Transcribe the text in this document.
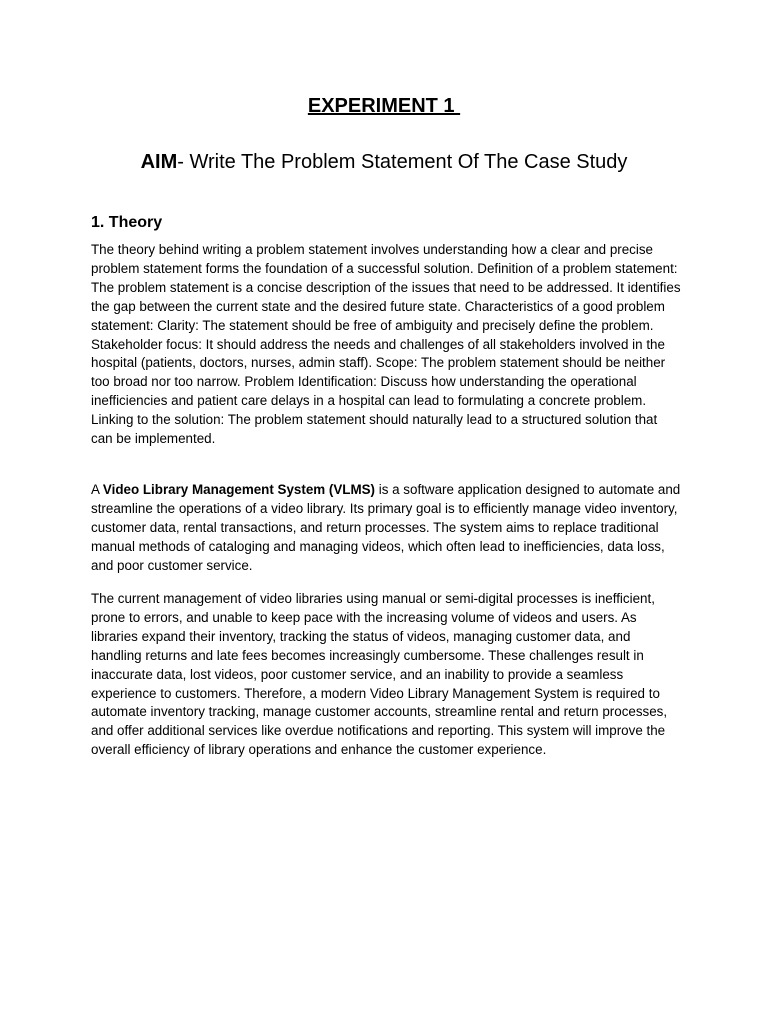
EXPERIMENT 1
AIM- Write The Problem Statement Of The Case Study
1. Theory

The theory behind writing a problem statement involves understanding how a clear and precise problem statement forms the foundation of a successful solution. Definition of a problem statement: The problem statement is a concise description of the issues that need to be addressed. It identifies the gap between the current state and the desired future state. Characteristics of a good problem statement: Clarity: The statement should be free of ambiguity and precisely define the problem. Stakeholder focus: It should address the needs and challenges of all stakeholders involved in the hospital (patients, doctors, nurses, admin staff). Scope: The problem statement should be neither too broad nor too narrow. Problem Identification: Discuss how understanding the operational inefficiencies and patient care delays in a hospital can lead to formulating a concrete problem. Linking to the solution: The problem statement should naturally lead to a structured solution that can be implemented.

A Video Library Management System (VLMS) is a software application designed to automate and streamline the operations of a video library. Its primary goal is to efficiently manage video inventory, customer data, rental transactions, and return processes. The system aims to replace traditional manual methods of cataloging and managing videos, which often lead to inefficiencies, data loss, and poor customer service.

The current management of video libraries using manual or semi-digital processes is inefficient, prone to errors, and unable to keep pace with the increasing volume of videos and users. As libraries expand their inventory, tracking the status of videos, managing customer data, and handling returns and late fees becomes increasingly cumbersome. These challenges result in inaccurate data, lost videos, poor customer service, and an inability to provide a seamless experience to customers. Therefore, a modern Video Library Management System is required to automate inventory tracking, manage customer accounts, streamline rental and return processes, and offer additional services like overdue notifications and reporting. This system will improve the overall efficiency of library operations and enhance the customer experience.
